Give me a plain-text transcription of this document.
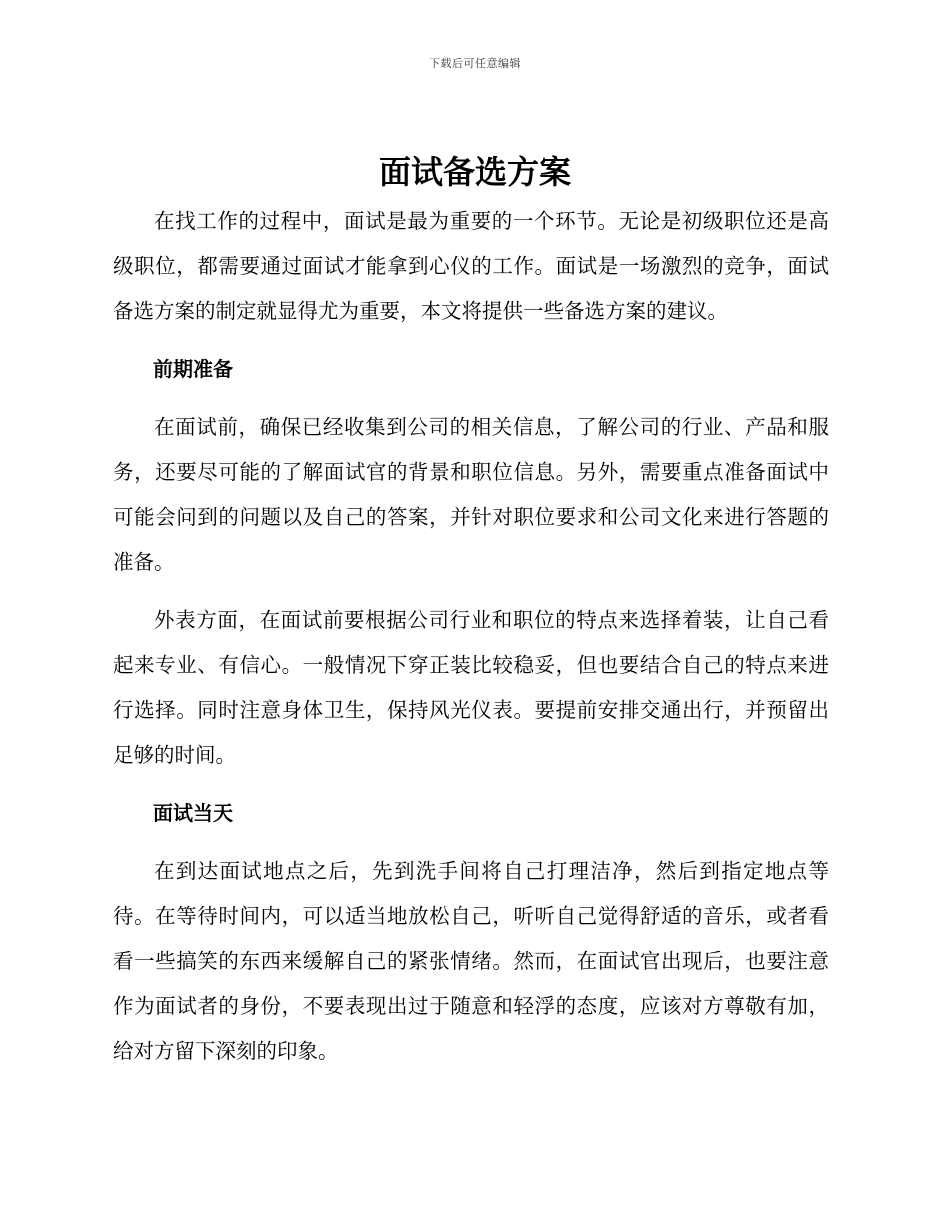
下载后可任意编辑
面试备选方案

在找工作的过程中，面试是最为重要的一个环节。无论是初级职位还是高级职位，都需要通过面试才能拿到心仪的工作。面试是一场激烈的竞争，面试备选方案的制定就显得尤为重要，本文将提供一些备选方案的建议。

前期准备

在面试前，确保已经收集到公司的相关信息，了解公司的行业、产品和服务，还要尽可能的了解面试官的背景和职位信息。另外，需要重点准备面试中可能会问到的问题以及自己的答案，并针对职位要求和公司文化来进行答题的准备。

外表方面，在面试前要根据公司行业和职位的特点来选择着装，让自己看起来专业、有信心。一般情况下穿正装比较稳妥，但也要结合自己的特点来进行选择。同时注意身体卫生，保持风光仪表。要提前安排交通出行，并预留出足够的时间。

面试当天

在到达面试地点之后，先到洗手间将自己打理洁净，然后到指定地点等待。在等待时间内，可以适当地放松自己，听听自己觉得舒适的音乐，或者看看一些搞笑的东西来缓解自己的紧张情绪。然而，在面试官出现后，也要注意作为面试者的身份，不要表现出过于随意和轻浮的态度，应该对方尊敬有加，给对方留下深刻的印象。
